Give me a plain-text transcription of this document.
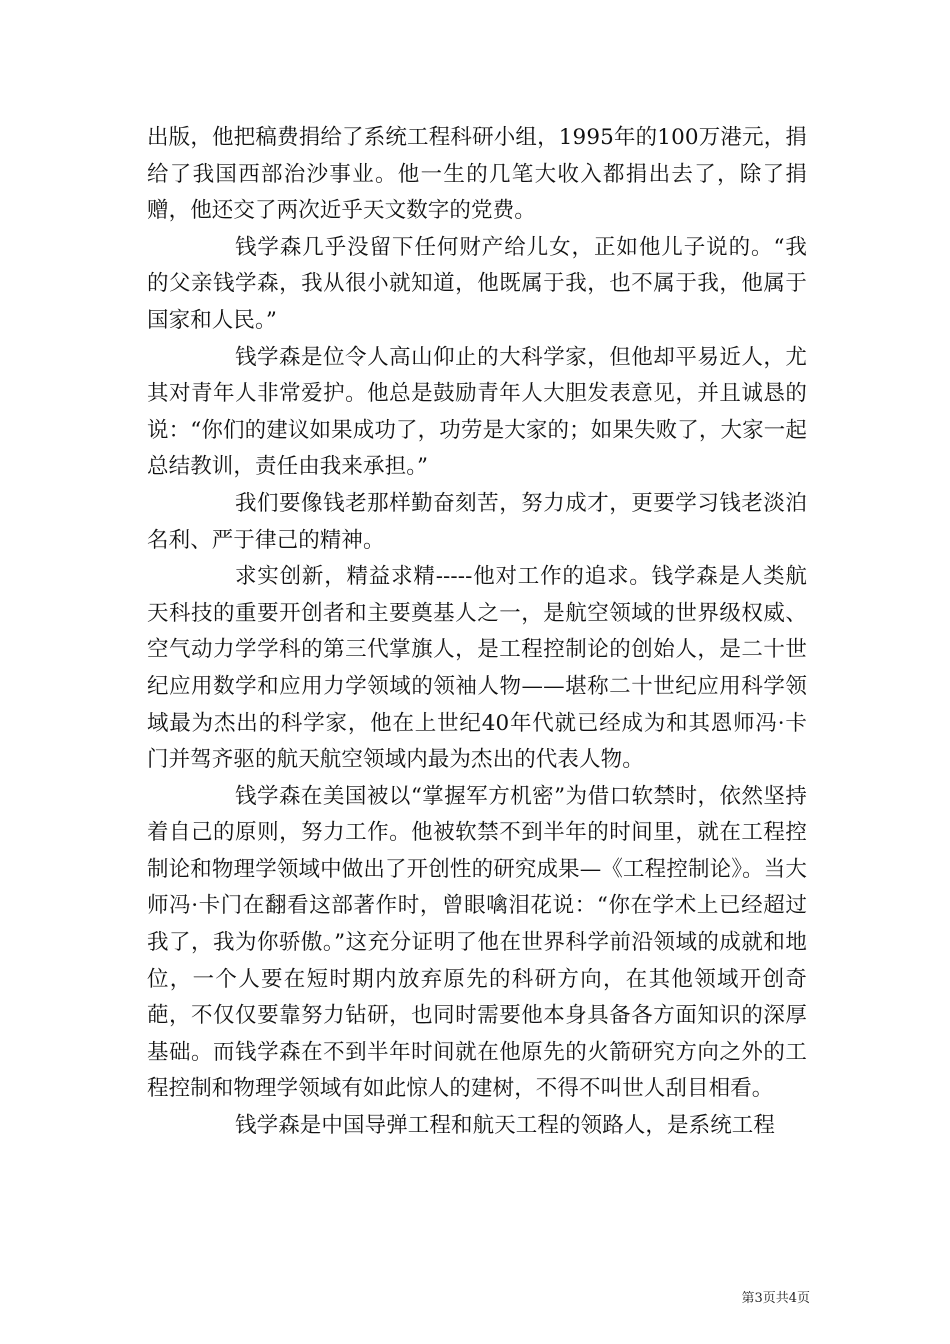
出版，他把稿费捐给了系统工程科研小组，1995年的100万港元，捐给了我国西部治沙事业。他一生的几笔大收入都捐出去了，除了捐赠，他还交了两次近乎天文数字的党费。

钱学森几乎没留下任何财产给儿女，正如他儿子说的。“我的父亲钱学森，我从很小就知道，他既属于我，也不属于我，他属于国家和人民。”

钱学森是位令人高山仰止的大科学家，但他却平易近人，尤其对青年人非常爱护。他总是鼓励青年人大胆发表意见，并且诚恳的说：“你们的建议如果成功了，功劳是大家的；如果失败了，大家一起总结教训，责任由我来承担。”

我们要像钱老那样勤奋刻苦，努力成才，更要学习钱老淡泊名利、严于律己的精神。

求实创新，精益求精-----他对工作的追求。钱学森是人类航天科技的重要开创者和主要奠基人之一，是航空领域的世界级权威、空气动力学学科的第三代掌旗人，是工程控制论的创始人，是二十世纪应用数学和应用力学领域的领袖人物——堪称二十世纪应用科学领域最为杰出的科学家，他在上世纪40年代就已经成为和其恩师冯·卡门并驾齐驱的航天航空领域内最为杰出的代表人物。

钱学森在美国被以“掌握军方机密”为借口软禁时，依然坚持着自己的原则，努力工作。他被软禁不到半年的时间里，就在工程控制论和物理学领域中做出了开创性的研究成果—《工程控制论》。当大师冯·卡门在翻看这部著作时，曾眼噙泪花说：“你在学术上已经超过我了，我为你骄傲。”这充分证明了他在世界科学前沿领域的成就和地位，一个人要在短时期内放弃原先的科研方向，在其他领域开创奇葩，不仅仅要靠努力钻研，也同时需要他本身具备各方面知识的深厚基础。而钱学森在不到半年时间就在他原先的火箭研究方向之外的工程控制和物理学领域有如此惊人的建树，不得不叫世人刮目相看。

钱学森是中国导弹工程和航天工程的领路人，是系统工程

第3页共4页
